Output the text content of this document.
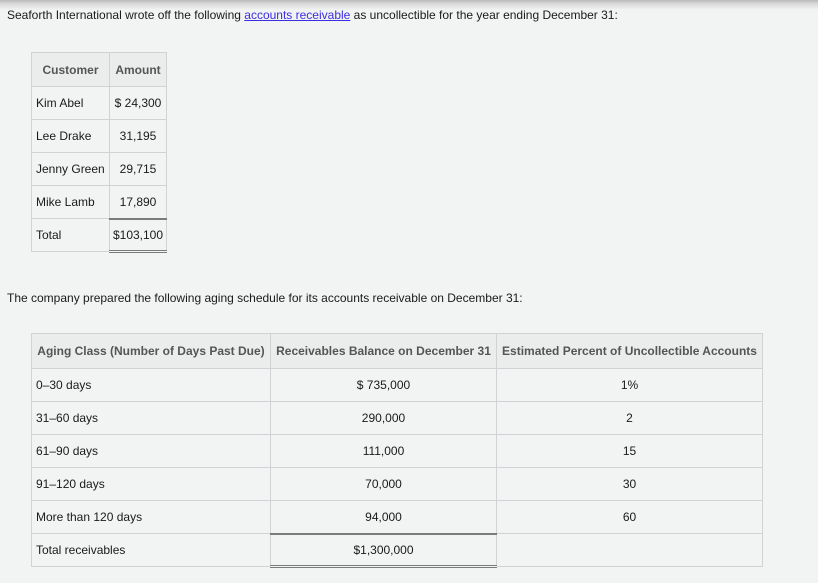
Seaforth International wrote off the following accounts receivable as uncollectible for the year ending December 31:

Customer	Amount
Kim Abel	$ 24,300
Lee Drake	31,195
Jenny Green	29,715
Mike Lamb	17,890
Total	$103,100

The company prepared the following aging schedule for its accounts receivable on December 31:

Aging Class (Number of Days Past Due)	Receivables Balance on December 31	Estimated Percent of Uncollectible Accounts
0–30 days	$ 735,000	1%
31–60 days	290,000	2
61–90 days	111,000	15
91–120 days	70,000	30
More than 120 days	94,000	60
Total receivables	$1,300,000	
